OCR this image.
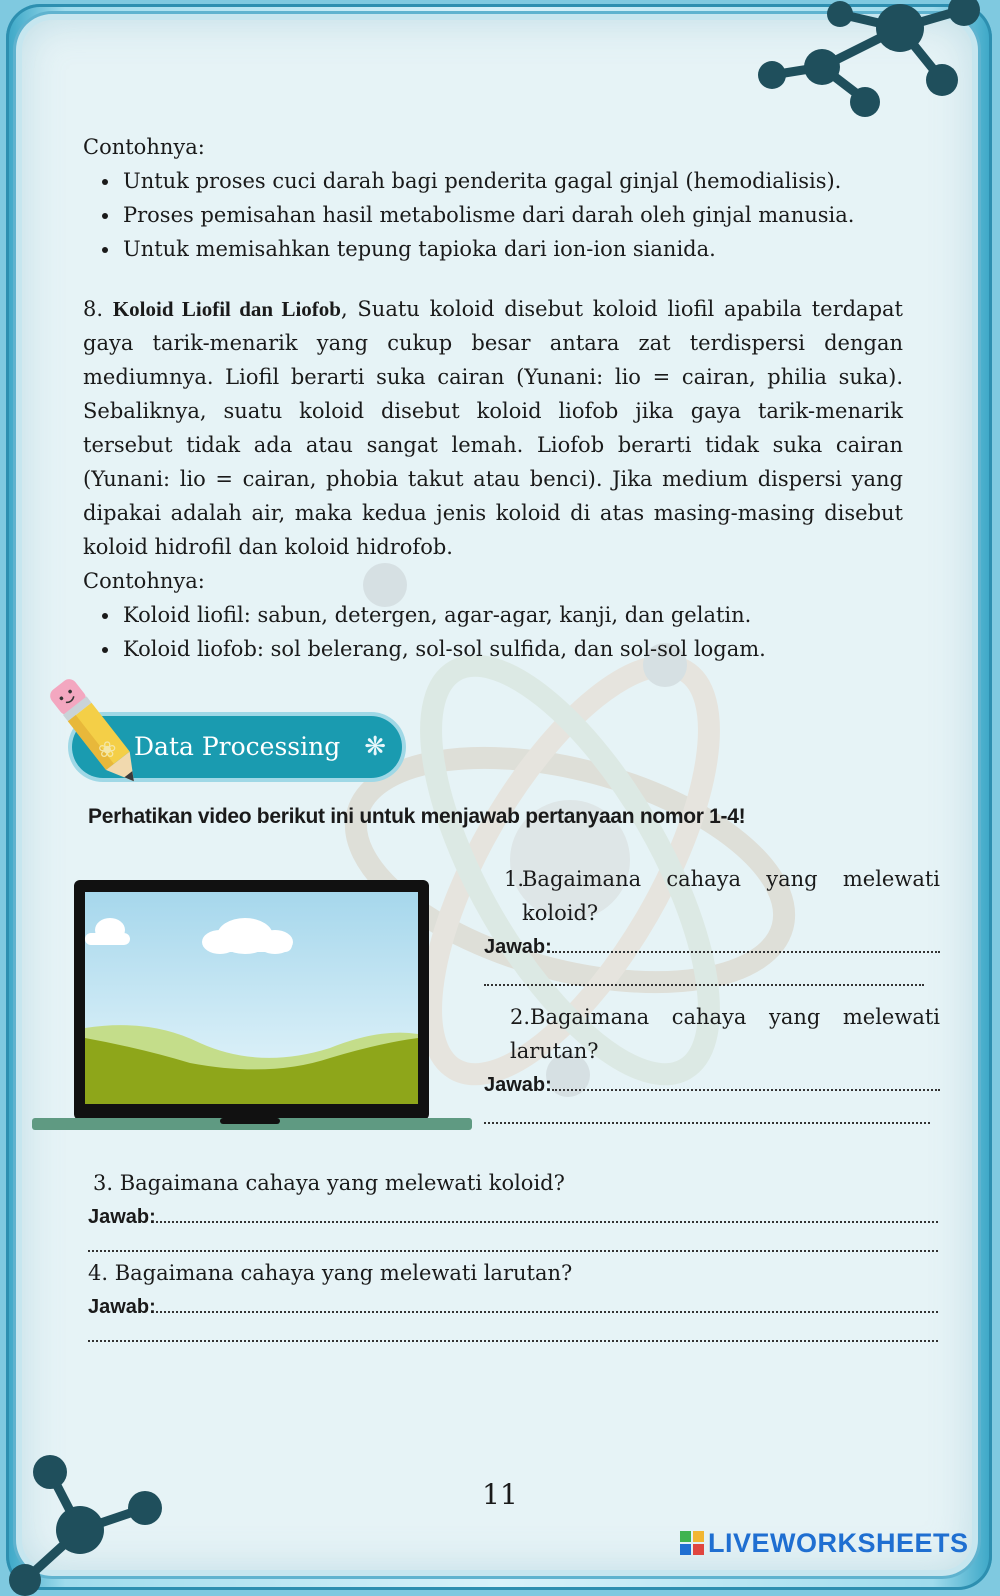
Contohnya:

• Untuk proses cuci darah bagi penderita gagal ginjal (hemodialisis).
• Proses pemisahan hasil metabolisme dari darah oleh ginjal manusia.
• Untuk memisahkan tepung tapioka dari ion-ion sianida.

8. Koloid Liofil dan Liofob, Suatu koloid disebut koloid liofil apabila terdapat gaya tarik-menarik yang cukup besar antara zat terdispersi dengan mediumnya. Liofil berarti suka cairan (Yunani: lio = cairan, philia suka). Sebaliknya, suatu koloid disebut koloid liofob jika gaya tarik-menarik tersebut tidak ada atau sangat lemah. Liofob berarti tidak suka cairan (Yunani: lio = cairan, phobia takut atau benci). Jika medium dispersi yang dipakai adalah air, maka kedua jenis koloid di atas masing-masing disebut koloid hidrofil dan koloid hidrofob.

Contohnya:

• Koloid liofil: sabun, detergen, agar-agar, kanji, dan gelatin.
• Koloid liofob: sol belerang, sol-sol sulfida, dan sol-sol logam.
Data Processing ❋
❀
Perhatikan video berikut ini untuk menjawab pertanyaan nomor 1-4!
1.
Bagaimana cahaya yang melewati koloid?
Jawab:
2.Bagaimana cahaya yang melewati larutan?
Jawab:
3. Bagaimana cahaya yang melewati koloid?
Jawab:
4. Bagaimana cahaya yang melewati larutan?
Jawab:
11
LIVEWORKSHEETS
